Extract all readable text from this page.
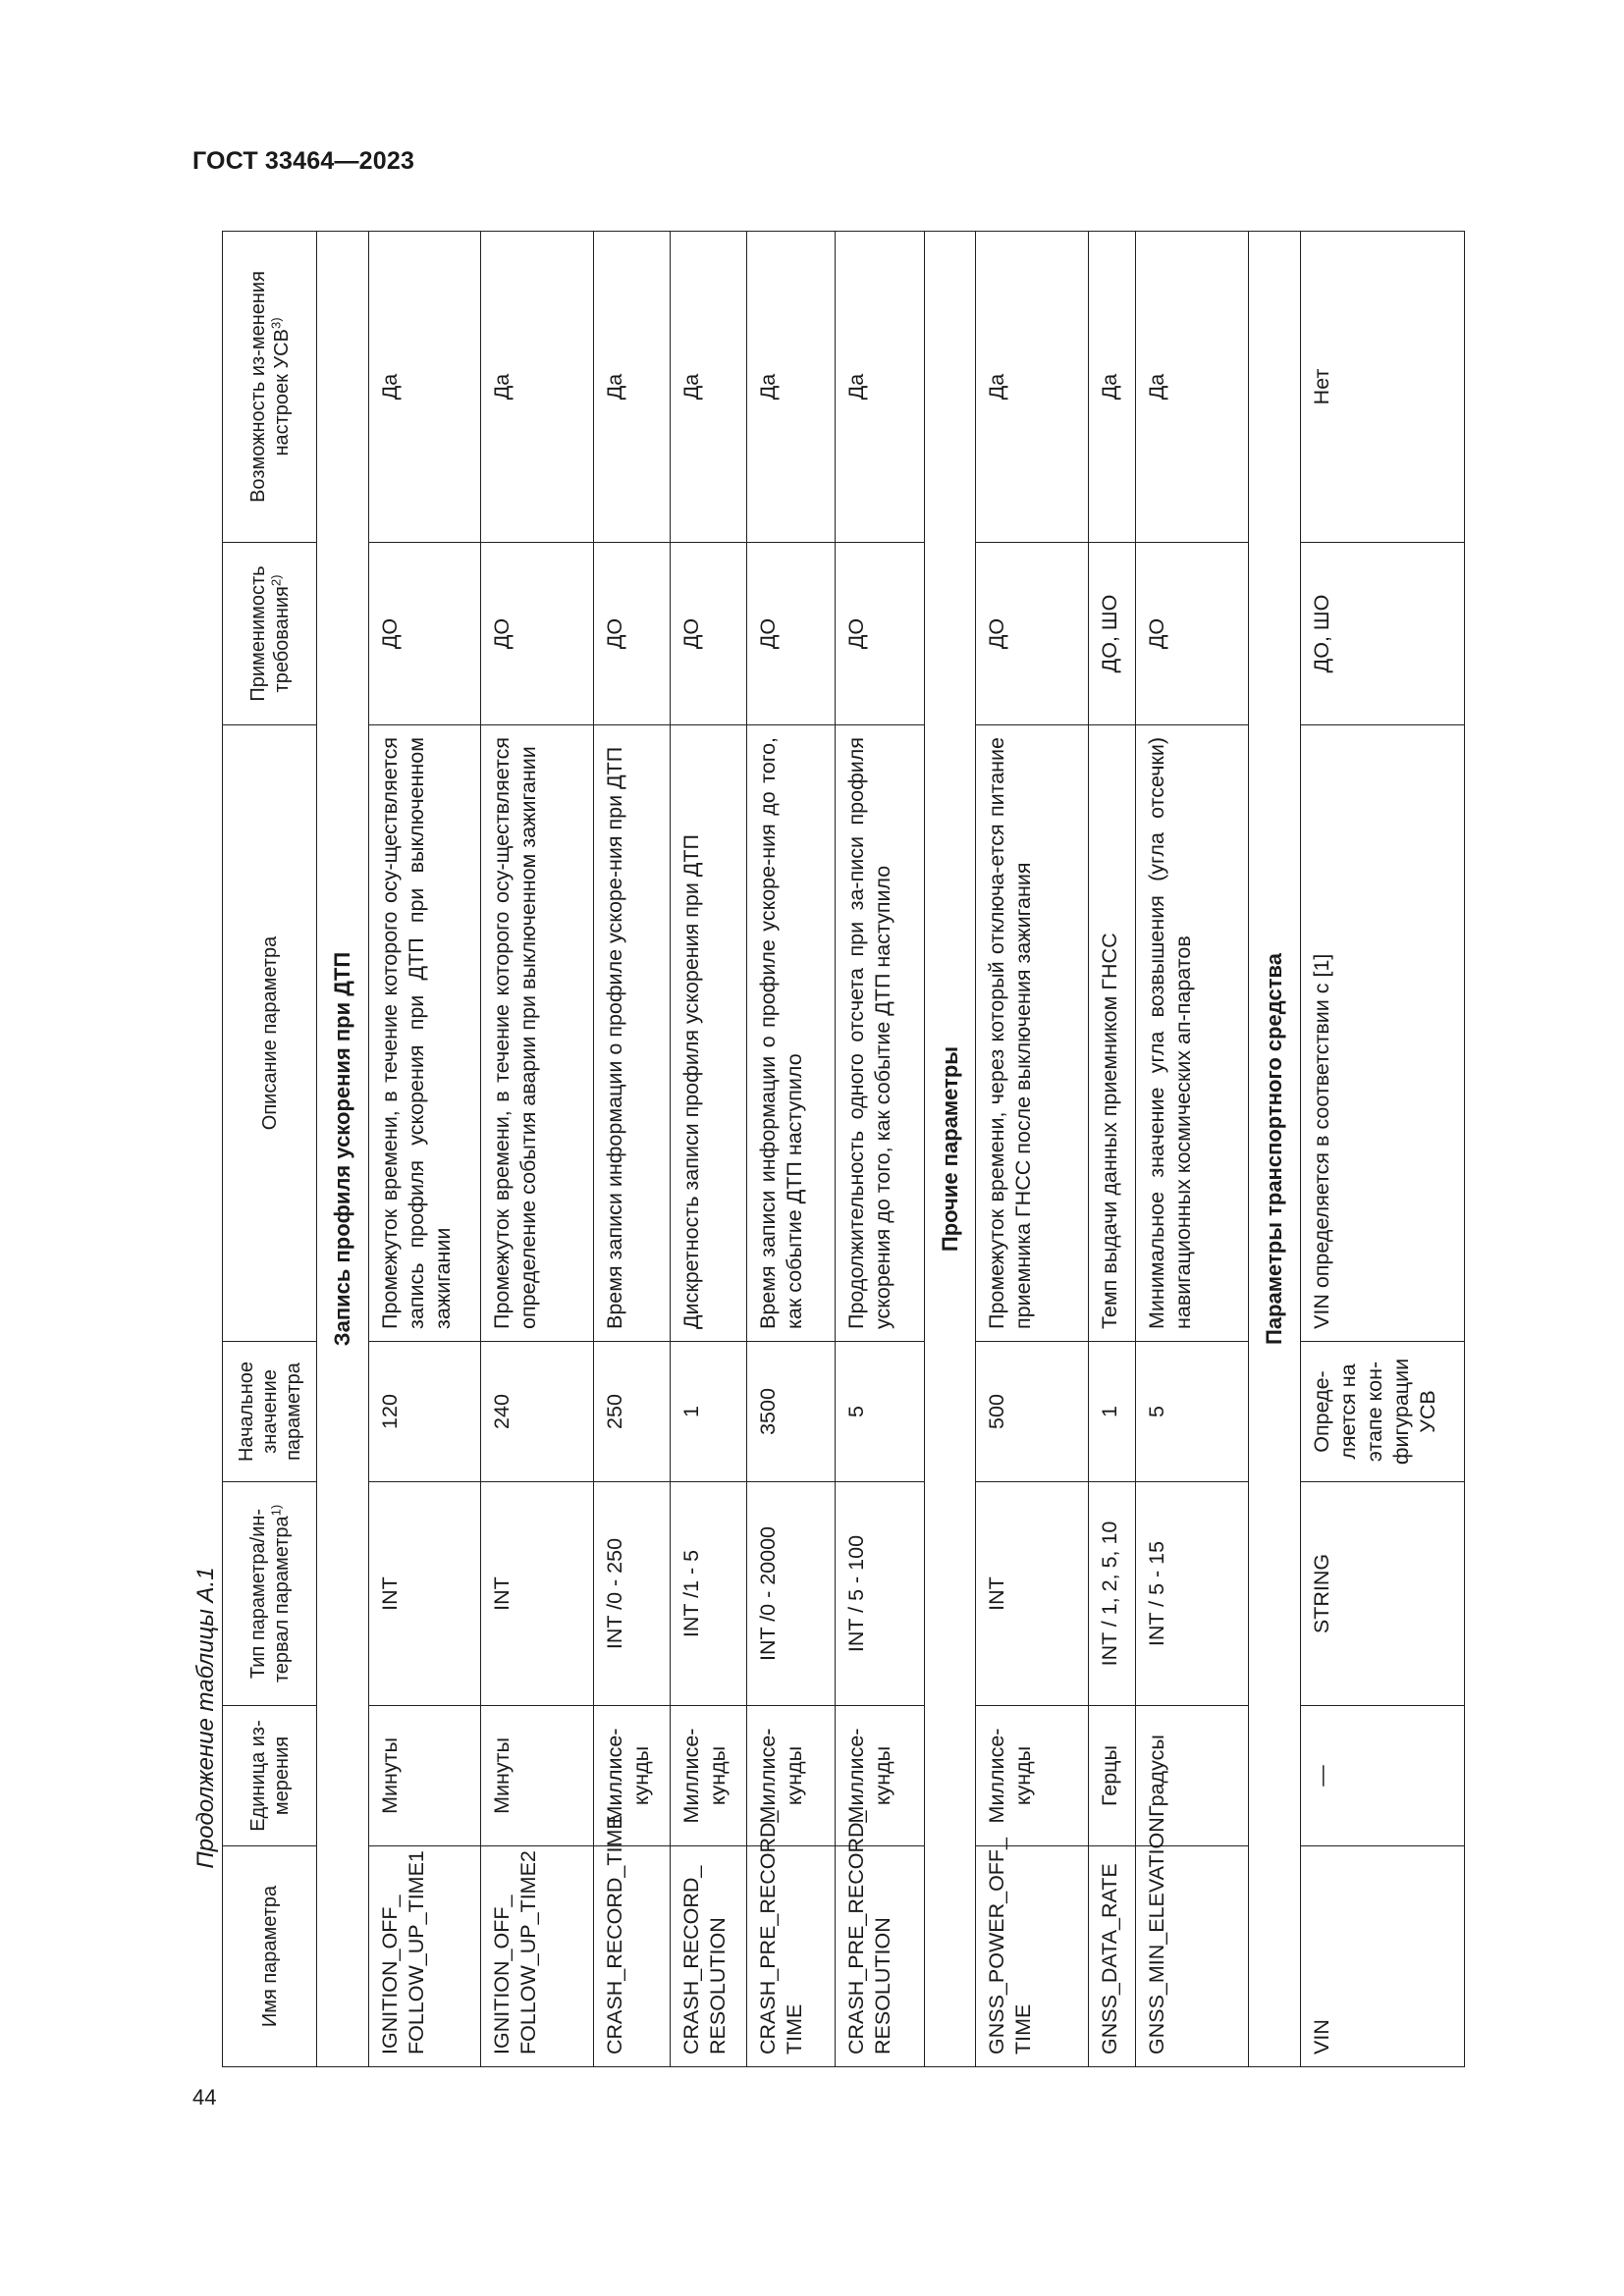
ГОСТ 33464—2023
Продолжение таблицы А.1
44
Имя параметра	Единица из-мерения	Тип параметра/ин-тервал параметра$^{1)}$	Начальное значение параметра	Описание параметра	Применимость требования$^{2)}$	Возможность из-менения настроек УСВ$^{3)}$
Запись профиля ускорения при ДТП						
IGNITION_OFF_ FOLLOW_UP_TIME1	Минуты	INT	120	Промежуток времени, в течение которого осу-ществляется запись профиля ускорения при ДТП при выключенном зажигании	ДО	Да
IGNITION_OFF_ FOLLOW_UP_TIME2	Минуты	INT	240	Промежуток времени, в течение которого осу-ществляется определение события аварии при выключенном зажигании	ДО	Да
CRASH_RECORD_TIME	Миллисе-кунды	INT /0 - 250	250	Время записи информации о профиле ускоре-ния при ДТП	ДО	Да
CRASH_RECORD_ RESOLUTION	Миллисе-кунды	INT /1 - 5	1	Дискретность записи профиля ускорения при ДТП	ДО	Да
CRASH_PRE_RECORD_ TIME	Миллисе-кунды	INT /0 - 20000	3500	Время записи информации о профиле ускоре-ния до того, как событие ДТП наступило	ДО	Да
CRASH_PRE_RECORD_ RESOLUTION	Миллисе-кунды	INT / 5 - 100	5	Продолжительность одного отсчета при за-писи профиля ускорения до того, как событие ДТП наступило	ДО	Да
Прочие параметры						
GNSS_POWER_OFF_ TIME	Миллисе-кунды	INT	500	Промежуток времени, через который отключа-ется питание приемника ГНСС после выключения зажигания	ДО	Да
GNSS_DATA_RATE	Герцы	INT / 1, 2, 5, 10	1	Темп выдачи данных приемником ГНСС	ДО, ШО	Да
GNSS_MIN_ELEVATION	Градусы	INT / 5 - 15	5	Минимальное значение угла возвышения (угла отсечки) навигационных космических ап-паратов	ДО	Да
Параметры транспортного средства						
VIN	—	STRING	Опреде-ляется на этапе кон-фигурации УСВ	VIN определяется в соответствии с [1]	ДО, ШО	Нет
